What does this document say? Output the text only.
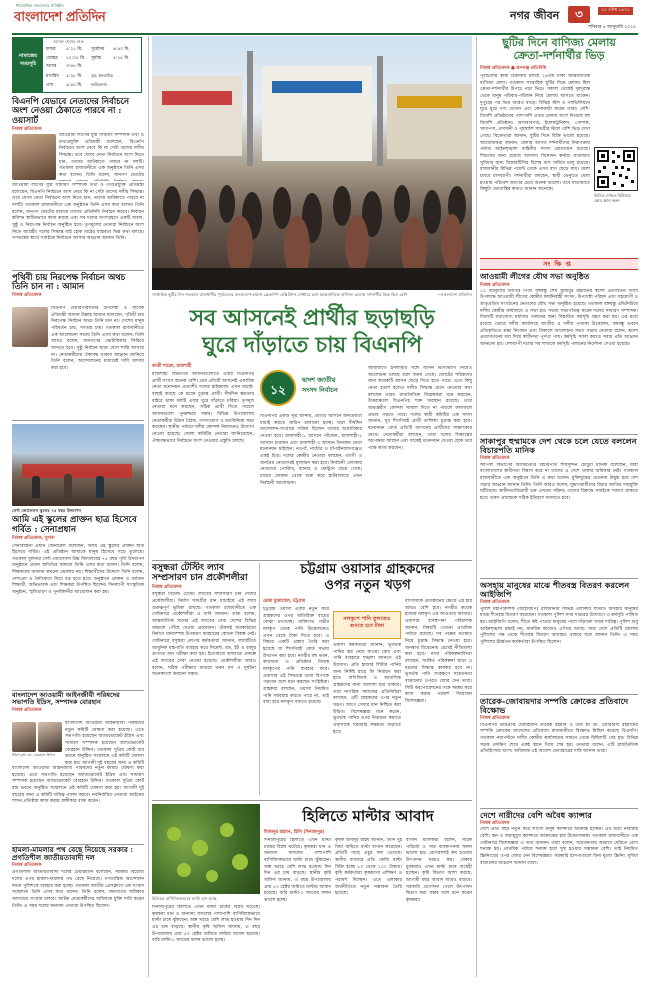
ধারাবাহিক জনসেবার প্রতিষ্ঠান
বাংলাদেশ প্রতিদিন	নগর জীবন	৩
শনিবার ৪ জানুয়ারি ২০২৫
২০ পৌষ ১৪৩১
নামাজের
সময়সূচি
ওয়াক্ত শেষের শুরু
ফজর ৫:২১ মি. সূর্যোদয় ৬:৪০ মি.
জোহর ১২:০৫ মি. সূর্যাস্ত	৫:২৫ মি.
আসর ৩:৪৫ মি.
মাগরিব ৫:২৮ মি. সূত্র: ইসলামিক
এশা	৬:৪৫ মি. ফাউন্ডেশন
বিএনপি যেভাবে নেতাদের নির্বাচনে অংশ নেওয়া ঠেকাতে পারবে না : ওয়াসার্ট
নিজস্ব প্রতিবেদক
আওয়ামী লীগের যুগ্ম সাধারণ সম্পাদক তথা ও তথ্যপ্রযুক্তি প্রতিমন্ত্রী বলেছেন, বিএনপি নির্বাচনে অংশ নেবে কি না সেটা তাদের দলীয় সিদ্ধান্ত। তবে যেসব নেতা নির্বাচনে অংশ নিতে চান, তাদের আটকাতে পারবে না দলটি। গতকাল রাজধানীতে এক অনুষ্ঠানে তিনি এসব কথা বলেন। তিনি বলেন, জনগণ ভোটের
আওয়ামী লীগের যুগ্ম সাধারণ সম্পাদক তথা ও তথ্যপ্রযুক্তি প্রতিমন্ত্রী বলেছেন, বিএনপি নির্বাচনে অংশ নেবে কি না সেটা তাদের দলীয় সিদ্ধান্ত। তবে যেসব নেতা নির্বাচনে অংশ নিতে চান, তাদের আটকাতে পারবে না দলটি। গতকাল রাজধানীতে এক অনুষ্ঠানে তিনি এসব কথা বলেন। তিনি বলেন, জনগণ ভোটের মাধ্যমে তাদের প্রতিনিধি নির্বাচন করবে। নির্বাচন কমিশন স্বাধীনভাবে কাজ করছে এবং সব দলের অংশগ্রহণে একটি অবাধ, সুষ্ঠু ও নিরপেক্ষ নির্বাচন অনুষ্ঠিত হবে। তৃণমূলের নেতারা নির্বাচনে অংশ নিতে আগ্রহী। দলের সিদ্ধান্ত যাই হোক মাঠের বাস্তবতা ভিন্ন কথা বলছে। গণতন্ত্রের স্বার্থে সবাইকে নির্বাচনে আসার আহ্বান জানান তিনি।
পৃথিবী চায় নিরপেক্ষ নির্বাচন অথচ তিনি চান না : আমান
নিজস্ব প্রতিবেদক
বিএনপি চেয়ারপারসনের উপদেষ্টা ও সাবেক প্রতিমন্ত্রী আমান উল্লাহ আমান বলেছেন, পৃথিবী চায় নিরপেক্ষ নির্বাচন অথচ তিনি চান না। দেশের মানুষ পরিবর্তন চায়, গণতন্ত্র চায়। গতকাল রাজধানীতে এক আলোচনা সভায় তিনি এসব কথা বলেন। তিনি আরও বলেন, জনগণের ভোটাধিকার ফিরিয়ে আনতে হবে। সুষ্ঠু নির্বাচন ছাড়া দেশে শান্তি আসবে না। নেতাকর্মীদের ঐক্যবদ্ধ থাকার আহ্বান জানিয়ে তিনি বলেন, আন্দোলনের মাধ্যমেই দাবি আদায় করা হবে।
সেন্ট জোসেফস স্কুলের ৭৫ বছর উদযাপন
আমি এই স্কুলের প্রাক্তন ছাত্র হিসেবে গর্বিত : সেনাপ্রধান
নিজস্ব প্রতিবেদক, খুলনা
সেনাবাহিনী প্রধান জেনারেল বলেছেন, আমি এই স্কুলের প্রাক্তন ছাত্র হিসেবে গর্বিত। এই প্রতিষ্ঠান আমাকে মানুষ হিসেবে গড়ে তুলেছে। গতকাল খুলনার সেন্ট জোসেফস উচ্চ বিদ্যালয়ের ৭৫ বছর পূর্তি উদযাপন অনুষ্ঠানে প্রধান অতিথির বক্তব্যে তিনি এসব কথা বলেন। তিনি বলেন, শিক্ষকদের অবদান কখনো ভোলার নয়। শিক্ষার্থীদের উদ্দেশে তিনি বলেন, দেশপ্রেম ও নৈতিকতা নিয়ে বড় হতে হবে। অনুষ্ঠানে প্রাক্তন ও বর্তমান শিক্ষার্থী, অভিভাবক এবং শিক্ষকরা উপস্থিত ছিলেন। দিনব্যাপী সাংস্কৃতিক অনুষ্ঠান, স্মৃতিচারণ ও পুনর্মিলনীর আয়োজন করা হয়।
বাংলাদেশ আওয়ামী আইনজীবী পরিষদের সভাপতি ইদ্রিস, সম্পাদক বোরহান
নিজস্ব প্রতিবেদক
ইদ্রিস মৃধা মো. বোরহান উদ্দিন
বাংলাদেশ আওয়ামী আইনজীবী পরিষদের নতুন কমিটি ঘোষণা করা হয়েছে। এতে সভাপতি হয়েছেন অ্যাডভোকেট ইদ্রিস এবং সাধারণ সম্পাদক হয়েছেন অ্যাডভোকেট বোরহান উদ্দিন। গতকাল সুপ্রিম কোর্ট বার ভবনে অনুষ্ঠিত সম্মেলনে এই কমিটি ঘোষণা করা হয়। আগামী দুই বছরের জন্য এ কমিটি
বাংলাদেশ আওয়ামী আইনজীবী পরিষদের নতুন কমিটি ঘোষণা করা হয়েছে। এতে সভাপতি হয়েছেন অ্যাডভোকেট ইদ্রিস এবং সাধারণ সম্পাদক হয়েছেন অ্যাডভোকেট বোরহান উদ্দিন। গতকাল সুপ্রিম কোর্ট বার ভবনে অনুষ্ঠিত সম্মেলনে এই কমিটি ঘোষণা করা হয়। আগামী দুই বছরের জন্য এ কমিটি দায়িত্ব পালন করবে। নবনির্বাচিত নেতারা আইনের শাসন প্রতিষ্ঠায় কাজ করার অঙ্গীকার ব্যক্ত করেন।
হামলা-মামলার পথ বেছে নিয়েছে সরকার : প্রগতিশীল জাতীয়তাবাদী দল
নিজস্ব প্রতিবেদক
প্রগতিশীল জাতীয়তাবাদী দলের চেয়ারম্যান বলেছেন, সরকার বিরোধী দলের ওপর হামলা-মামলার পথ বেছে নিয়েছে। গণতান্ত্রিক আন্দোলন দমনে পুলিশকে ব্যবহার করা হচ্ছে। গতকাল জাতীয় প্রেসক্লাবে এক সংবাদ সম্মেলনে তিনি এসব কথা বলেন। তিনি বলেন, জনগণের অধিকার আদায়ের সংগ্রাম চলবে। আটক নেতাকর্মীদের অবিলম্বে মুক্তি দাবি করেন তিনি। এ সময় দলের অন্যান্য নেতারা উপস্থিত ছিলেন।
সাপ্তাহিক ছুটির দিন গতকাল রাজধানীর পূর্বাচলের বাংলাদেশ-চায়না ফ্রেন্ডশিপ এক্সিবিশন সেন্টারে চলা আন্তর্জাতিক বাণিজ্য মেলায় দর্শনার্থীর ভিড় ছিল বেশি	—বাংলাদেশ প্রতিদিন
সব আসনেই প্রার্থীর ছড়াছড়ি
ঘুরে দাঁড়াতে চায় বিএনপি
কাজী শাহেদ, রাজশাহী
রাজশাহী বিভাগের আসনগুলোতে এবার বিএনপির প্রার্থী সংখ্যা অনেক বেশি। প্রায় প্রতিটি আসনেই একাধিক নেতা মনোনয়ন প্রত্যাশী। দলের হাইকমান্ড এখন যাচাই-বাছাই করছে কে হবেন চূড়ান্ত প্রার্থী। দীর্ঘদিন ক্ষমতার বাইরে থাকা দলটি এবার ঘুরে দাঁড়াতে মরিয়া। তৃণমূল নেতারা মনে করছেন, সঠিক প্রার্থী দিতে পারলে আসনগুলো পুনরুদ্ধার সম্ভব। বিভিন্ন উপজেলায় নেতাকর্মীরা উঠান বৈঠক, গণসংযোগ ও মতবিনিময় সভা করছেন। স্থানীয় পর্যায়ে দলীয় কোন্দল নিরসনেও উদ্যোগ নেওয়া হয়েছে। জেলা কমিটির নেতারা জানিয়েছেন, ঐক্যবদ্ধভাবে নির্বাচনে অংশ নেওয়ার প্রস্তুতি চলছে।
১২
দ্বাদশ জাতীয়
সংসদ নির্বাচন
বিএনপির একটি সূত্র জানায়, প্রতিটি আসনে জনপ্রিয়তা যাচাই করতে জরিপ চালানো হচ্ছে। যারা দীর্ঘদিন আন্দোলন-সংগ্রামে সক্রিয় ছিলেন তাদের অগ্রাধিকার দেওয়া হবে। রাজশাহী-১ আসনে পাঁচজন, রাজশাহী-২ আসনে চারজন এবং রাজশাহী-৩ আসনে তিনজন নেতা মনোনয়ন চাইছেন। নওগাঁ, নাটোর ও চাঁপাইনবাবগঞ্জেও একই চিত্র। দলের কেন্দ্রীয় নেতারা বলছেন, ত্যাগী ও জনপ্রিয় নেতাদেরই মূল্যায়ন করা হবে। নির্বাচনী এলাকায় নেতাদের পোস্টার, ব্যানার ও ফেস্টুনে ছেয়ে গেছে। চায়ের দোকান থেকে শুরু করে হাটবাজারে এখন নির্বাচনী আলোচনা।
জামায়াতে ইসলামীর সঙ্গে আসন ভাগাভাগি নিয়েও আলোচনা চলছে বলে জানা গেছে। জোটের শরিকদের জন্য কয়েকটি আসন ছেড়ে দিতে হতে পারে। এতে কিছু নেতা হতাশ হলেও দলীয় সিদ্ধান্ত মেনে নেওয়ার কথা বলছেন তারা। রাজনৈতিক বিশ্লেষকরা মনে করছেন, উত্তরাঞ্চলে বিএনপির শক্ত অবস্থান রয়েছে। তবে অভ্যন্তরীণ কোন্দল সামাল দিতে না পারলে ফলাফলে প্রভাব পড়তে পারে। দলের স্থায়ী কমিটির এক সদস্য জানান, খুব শিগগিরই প্রার্থী তালিকা চূড়ান্ত করা হবে। মনোনয়ন বোর্ড প্রতিটি আসনের প্রার্থীদের সাক্ষাৎকার নেবে। নেতাকর্মীরা বলছেন, তারা দলের সিদ্ধান্তের অপেক্ষায় আছেন এবং যাকেই মনোনয়ন দেওয়া হোক তার পক্ষে কাজ করবেন।
বসুন্ধরা টেস্টিং ল্যাব সম্প্রসারণ চান প্রকৌশলীরা
নিজস্ব প্রতিবেদক
বসুন্ধরা সিমেন্ট টেস্টিং ল্যাবের সম্প্রসারণ চান দেশের প্রকৌশলীরা। নির্মাণ সামগ্রীর মান যাচাইয়ে এই ল্যাব গুরুত্বপূর্ণ ভূমিকা রাখছে। গতকাল রাজধানীতে এক সেমিনারে প্রকৌশলীরা এ দাবি জানান। তারা বলেন, আন্তর্জাতিক মানের এই ল্যাবের সেবা দেশের বিভিন্ন অঞ্চলে পৌঁছে দেওয়া প্রয়োজন। টেকসই অবকাঠামো নির্মাণে মানসম্পন্ন উপকরণ ব্যবহারের কোনো বিকল্প নেই। সেমিনারে বসুন্ধরা গ্রুপের কর্মকর্তারা জানান, ল্যাবটিতে আধুনিক যন্ত্রপাতি ব্যবহার করে সিমেন্ট, রড, ইট ও বালুর গুণগত মান পরীক্ষা করা হয়। ইতোমধ্যে হাজারো প্রকল্পে এই ল্যাবের সেবা নেওয়া হয়েছে। প্রকৌশলীরা আরও বলেন, সঠিক পরীক্ষার মাধ্যমে ভবন ধস ও দুর্ঘটনা অনেকাংশে কমানো সম্ভব।
চট্টগ্রাম ওয়াসার গ্রাহকদের
ওপর নতুন খড়গ
রেজা মুজাম্মেল, চট্টগ্রাম
চট্টগ্রাম ওয়াসা এবার নতুন করে গ্রাহকদের ওপর অতিরিক্ত ব্যয়ের বোঝা চাপাচ্ছে। ব্যক্তিগত গভীর নলকূপ থেকে পানি উত্তোলনেও এখন থেকে টাকা দিতে হবে। এ বিষয়ে একটি প্রস্তাব তৈরি করা হয়েছে যা শিগগিরই বোর্ড সভায় উত্থাপন করা হবে। নগরীর বহু ভবন, কারখানা ও প্রতিষ্ঠান নিজস্ব নলকূপের পানি ব্যবহার করে। ওয়াসার এই সিদ্ধান্তে তারা বিপাকে পড়বেন বলে মনে করছেন সংশ্লিষ্টরা। গ্রাহকরা বলছেন, ওয়াসা নিয়মিত পানি সরবরাহ করতে পারে না, তাই বাধ্য হয়ে নলকূপ বসাতে হয়েছে।
নলকূপে পানি তুলতেও
গুনতে হবে টাকা
ওয়াসা কর্মকর্তারা জানান, ভূগর্ভস্থ পানির স্তর নেমে যাওয়া রোধ এবং পানি ব্যবহারে শৃঙ্খলা আনতে এই উদ্যোগ। প্রতি হাজার লিটার পানির জন্য নির্দিষ্ট হারে ফি নির্ধারণ করা হবে। বাণিজ্যিক ও আবাসিক গ্রাহকদের জন্য আলাদা হার থাকবে। তবে নাগরিক সমাজের প্রতিনিধিরা বলছেন, এটি গ্রাহকদের ওপর নতুন খড়গ। আগে সেবার মান নিশ্চিত করা উচিত। বিশেষজ্ঞরা মনে করেন, ভূগর্ভস্থ পানির ওপর নির্ভরতা কমাতে ওয়াসাকে সরবরাহ সক্ষমতা বাড়াতে হবে।
বাণিজ্যিক প্রতিষ্ঠানের ক্ষেত্রে এই হার আরও বেশি হবে। নগরীর কয়েক হাজার নলকূপ এর আওতায় আসবে। ওয়াসার ব্যবস্থাপনা পরিচালক জানান, বিষয়টি এখনো প্রাথমিক পর্যায়ে রয়েছে। সব পক্ষের মতামত নিয়ে চূড়ান্ত সিদ্ধান্ত নেওয়া হবে। জনস্বার্থ বিবেচনায় রেখেই নীতিমালা করা হবে। নগর পরিকল্পনাবিদরা বলছেন, সমন্বিত পরিকল্পনা ছাড়া এ ধরনের সিদ্ধান্ত কার্যকর হবে না। ভূগর্ভস্থ পানি সংরক্ষণে সচেতনতা বাড়ানোর ওপরও জোর দেন তারা। সিটি করপোরেশনের সঙ্গে সমন্বয় করে কাজ করার পরামর্শ দিয়েছেন বিশেষজ্ঞরা।
হিলিতে বাণিজ্যিকভাবে মাল্টা চাষ হচ্ছে
হিলিতে মাল্টার আবাদ
মিজানুর রহমান, হিলি (দিনাজপুর)
দিনাজপুরের হিলিতে এখন মাল্টা চাষের বিপ্লব ঘটেছে। কৃষকরা ধান ও অন্যান্য ফসলের পাশাপাশি বাণিজ্যিকভাবে মাল্টা চাষে ঝুঁকছেন। অল্প খরচে বেশি লাভ হওয়ায় দিন দিন এর চাষ বাড়ছে। স্থানীয় কৃষি অফিস জানায়, এ বছর উপজেলায় প্রায় ৫০ হেক্টর জমিতে মাল্টার আবাদ হয়েছে। বারি মাল্টা-১ জাতের ফলন ভালো হচ্ছে।
কৃষক আবদুর রহিম জানান, তিনি দুই বিঘা জমিতে মাল্টা বাগান করেছেন। প্রতিটি গাছে প্রচুর ফল এসেছে। স্থানীয় বাজারে প্রতি কেজি মাল্টা বিক্রি হচ্ছে ৮০ থেকে ১০০ টাকায়। কৃষি কর্মকর্তারা কৃষকদের প্রশিক্ষণ ও পরামর্শ দিচ্ছেন। এতে এলাকার অর্থনীতিতে নতুন সম্ভাবনা তৈরি হয়েছে।
বাগান মালিকরা বলেন, সঠিক পরিচর্যা ও সার ব্যবস্থাপনায় ফলন ভালো হয়। রোগবালাই কম হওয়ায় উৎপাদন খরচও কম। বেকার যুবকরাও এখন মাল্টা চাষে আগ্রহী হচ্ছেন। কৃষি বিভাগ আশা করছে, আগামী বছর আবাদ আরও বাড়বে। সরকারি প্রণোদনা পেলে উৎপাদন দ্বিগুণ করা সম্ভব বলে মনে করেন কৃষকরা।
দিনাজপুরের হিলিতে এখন মাল্টা চাষের বিপ্লব ঘটেছে। কৃষকরা ধান ও অন্যান্য ফসলের পাশাপাশি বাণিজ্যিকভাবে মাল্টা চাষে ঝুঁকছেন। অল্প খরচে বেশি লাভ হওয়ায় দিন দিন এর চাষ বাড়ছে। স্থানীয় কৃষি অফিস জানায়, এ বছর উপজেলায় প্রায় ৫০ হেক্টর জমিতে মাল্টার আবাদ হয়েছে। বারি মাল্টা-১ জাতের ফলন ভালো হচ্ছে।
ছুটির দিনে বাণিজ্য মেলায়
ক্রেতা-দর্শনার্থীর ভিড়
নিজস্ব প্রতিবেদক ● রূপগঞ্জ প্রতিনিধি
পূর্বাচলের স্থায়ী ঠিকানায় চলছে ২৯তম ঢাকা আন্তর্জাতিক বাণিজ্য মেলা। গতকাল সাপ্তাহিক ছুটির দিনে মেলায় ছিল ক্রেতা-দর্শনার্থীর উপচে পড়া ভিড়। সকাল থেকেই দূরদূরান্ত থেকে মানুষ পরিবার-পরিজন নিয়ে মেলায় আসতে থাকেন। দুপুরের পর ভিড় আরও বাড়ে। বিভিন্ন স্টল ও প্যাভিলিয়নে ঘুরে ঘুরে পণ্য দেখেন এবং কেনাকাটা করেন তারা। দেশি-বিদেশি প্রতিষ্ঠানের পাশাপাশি এবার মেলায় অংশ নিয়েছে বহু বিদেশি প্রতিষ্ঠান। আসবাবপত্র, ইলেকট্রনিকস, পোশাক, খাদ্যপণ্য, প্রসাধনী ও গৃহস্থালি সামগ্রীর স্টলে বেশি ভিড় দেখা গেছে। বিক্রেতারা জানান, ছুটির দিনে বিক্রি ভালো হয়েছে। আয়োজকরা জানান, মেলায় আগত দর্শনার্থীদের নিরাপত্তায় পর্যাপ্ত আইনশৃঙ্খলা বাহিনীর সদস্য মোতায়েন রয়েছে। শিশুদের জন্য রয়েছে আলাদা বিনোদন কর্নার। যাতায়াত সুবিধার জন্য বিআরটিসির বিশেষ বাস সার্ভিস চালু রয়েছে। রাজধানীর বিভিন্ন পয়েন্ট থেকে এসব বাস ছেড়ে যায়। মেলা চলবে মাসব্যাপী। দর্শনার্থীরা বলছেন, স্থায়ী ভেন্যুতে মেলা হওয়ায় পরিবেশ আগের চেয়ে অনেক ভালো। তবে যাতায়াতে কিছুটা ভোগান্তির কথাও জানান অনেকে।
ভিডিও দেখতে কিউআর কোড স্ক্যান করুন
সংক্ষিপ্ত
আওয়ামী লীগের যৌথ সভা অনুষ্ঠিত
নিজস্ব প্রতিবেদক
১০ জানুয়ারি জাতির পিতা বঙ্গবন্ধু শেখ মুজিবুর রহমানের স্বদেশ প্রত্যাবর্তন দিবস উপলক্ষে আওয়ামী লীগের কেন্দ্রীয় কার্যনির্বাহী সংসদ, উপদেষ্টা পরিষদ এবং সহযোগী ও ভ্রাতৃপ্রতিম সংগঠনের নেতাদের যৌথ সভা অনুষ্ঠিত হয়েছে। গতকাল বঙ্গবন্ধু এভিনিউয়ে দলীয় কেন্দ্রীয় কার্যালয়ে এ সভা হয়। সভায় সভাপতিত্ব করেন দলের সাধারণ সম্পাদক। দিবসটি যথাযোগ্য মর্যাদায় পালনের জন্য বিস্তারিত কর্মসূচি গ্রহণ করা হয়। এর মধ্যে রয়েছে ভোরে দলীয় কার্যালয়ে জাতীয় ও দলীয় পতাকা উত্তোলন, বঙ্গবন্ধু ভবনে প্রতিকৃতিতে শ্রদ্ধা নিবেদন এবং বিকালে আলোচনা সভা। সভায় নেতারা বলেন, স্বদেশ প্রত্যাবর্তনের মধ্য দিয়ে স্বাধীনতা পূর্ণতা পায়। কর্মসূচি সফল করতে সবার প্রতি আহ্বান জানানো হয়। দেশব্যাপী দলের সব শাখাকে কর্মসূচি পালনের নির্দেশনা দেওয়া হয়েছে।
সাকাপুর হুম্মামকে দেশ থেকে চলে যেতে বললেন বিচারপতি মানিক
নিজস্ব প্রতিবেদক
আপিল বিভাগের অবসরপ্রাপ্ত বিচারপতি শামসুদ্দিন চৌধুরী মানিক বলেছেন, যারা বাংলাদেশের স্বাধীনতা বিশ্বাস করে না তাদের এ দেশে থাকার অধিকার নেই। গতকাল রাজধানীতে এক অনুষ্ঠানে তিনি এ কথা বলেন। মুক্তিযুদ্ধের চেতনায় উদ্বুদ্ধ হয়ে দেশ গড়ার আহ্বান জানান তিনি। তিনি আরও বলেন, যুদ্ধাপরাধীদের বিচার জাতির দায়মুক্তি ঘটিয়েছে। স্বাধীনতাবিরোধী চক্র এখনো সক্রিয়। তাদের বিরুদ্ধে সবাইকে সজাগ থাকতে হবে। তরুণ প্রজন্মকে সঠিক ইতিহাস জানাতে হবে।
অসহায় মানুষের মাঝে শীতবস্ত্র বিতরণ করলেন আইজিপি
নিজস্ব প্রতিবেদক
পুলিশ মহাপরিদর্শক (আইজিপি) রাজধানীর বিভিন্ন এলাকায় শীতার্ত অসহায় মানুষের মাঝে শীতবস্ত্র বিতরণ করেছেন। গতকাল পুলিশ সদর দপ্তরের উদ্যোগে এ কর্মসূচি পালিত হয়। আইজিপি বলেন, শীতে কষ্ট পাওয়া মানুষের পাশে দাঁড়ানো সবার দায়িত্ব। পুলিশ শুধু আইনশৃঙ্খলা রক্ষাই নয়, মানবিক কাজেও এগিয়ে আছে। সারা দেশে প্রতিটি জেলায় পুলিশের পক্ষ থেকে শীতবস্ত্র বিতরণ অব্যাহত থাকবে বলে জানান তিনি। এ সময় পুলিশের ঊর্ধ্বতন কর্মকর্তারা উপস্থিত ছিলেন।
তারেক-জোবায়দার সম্পত্তি ক্রোকের প্রতিবাদে বিক্ষোভ
নিজস্ব প্রতিবেদক
বিএনপির ভারপ্রাপ্ত চেয়ারম্যান তারেক রহমান ও তার স্ত্রী ডা. জোবায়দা রহমানের সম্পত্তি ক্রোকের আদেশের প্রতিবাদে রাজধানীতে বিক্ষোভ মিছিল করেছে বিএনপি। গতকাল নয়াপল্টনে দলীয় কেন্দ্রীয় কার্যালয়ের সামনে থেকে মিছিলটি বের হয়। বিভিন্ন সড়ক প্রদক্ষিণ শেষে একই স্থানে গিয়ে শেষ হয়। নেতারা বলেন, এটি রাজনৈতিক প্রতিহিংসার অংশ। অবিলম্বে এই আদেশ প্রত্যাহারের দাবি জানান তারা।
দেশে নারীদের বেশি অবৈধ ক্যান্সার
নিজস্ব প্রতিবেদক
দেশে প্রতি বছর নতুন করে লাখো মানুষ ক্যান্সারে আক্রান্ত হচ্ছেন। এর মধ্যে নারীরাই বেশি। স্তন ও জরায়ুমুখ ক্যান্সারে আক্রান্তের হার উদ্বেগজনক। গতকাল রাজধানীতে এক সেমিনারে বিশেষজ্ঞরা এ তথ্য জানান। তারা বলেন, সচেতনতার অভাবে দেরিতে রোগ শনাক্ত হয়। প্রাথমিক পর্যায়ে শনাক্ত হলে সুস্থ হওয়ার সম্ভাবনা বেশি। তাই নিয়মিত স্ক্রিনিংয়ের ওপর জোর দেন বিশেষজ্ঞরা। সরকারি হাসপাতালে বিনা মূল্যে স্ক্রিনিং সুবিধা বাড়ানোর আহ্বান জানান তারা।
